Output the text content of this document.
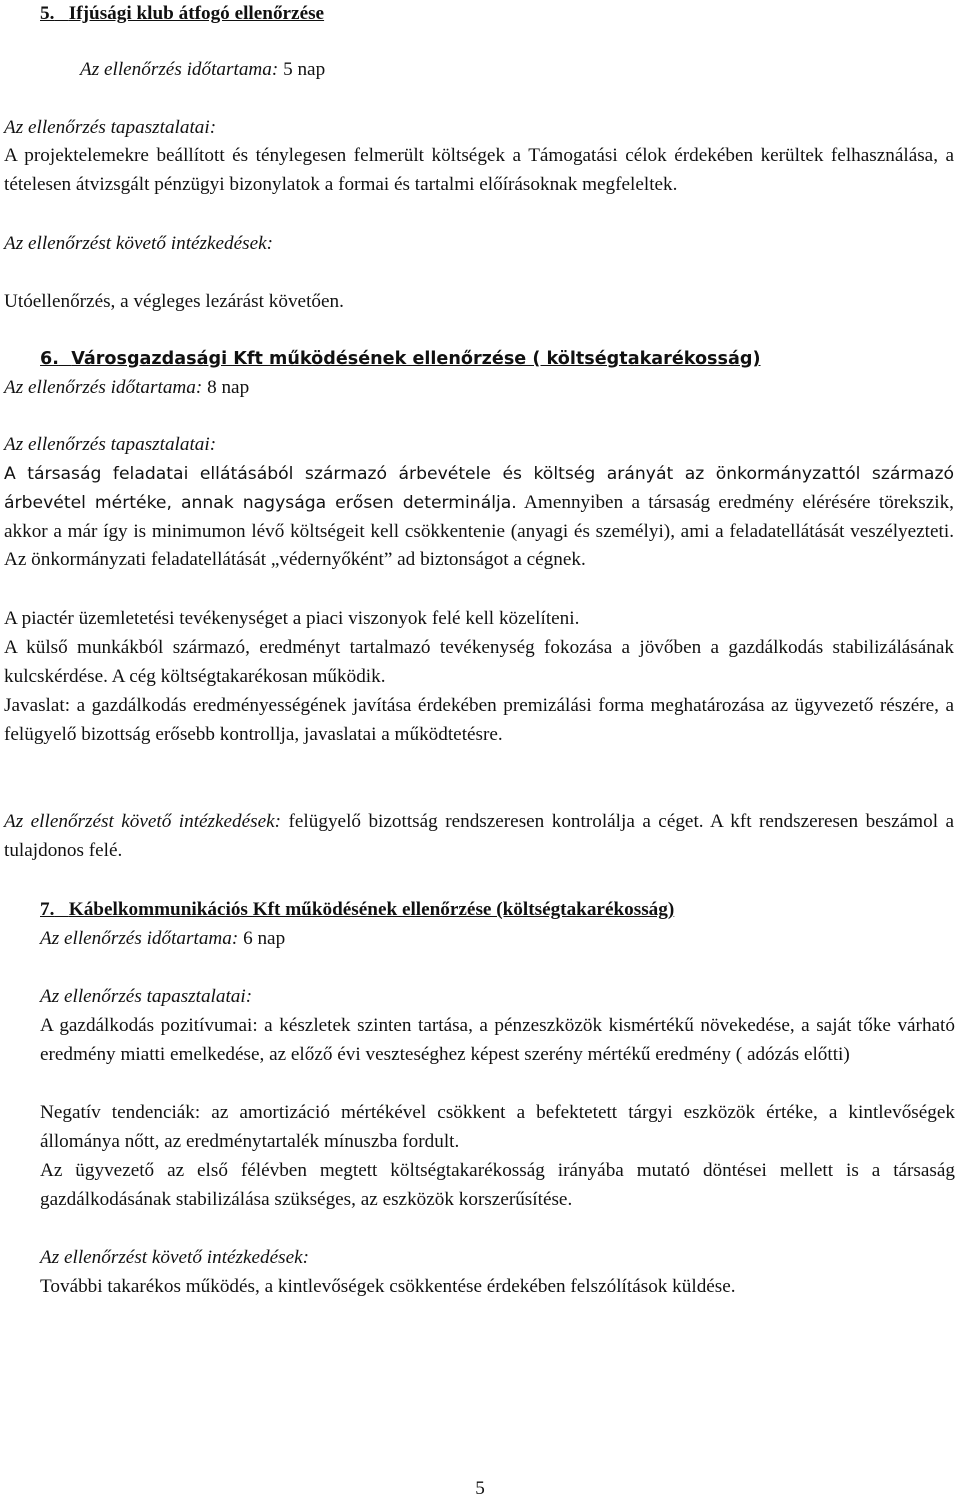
5. Ifjúsági klub átfogó ellenőrzése
Az ellenőrzés időtartama: 5 nap
Az ellenőrzés tapasztalatai:

A projektelemekre beállított és ténylegesen felmerült költségek a Támogatási célok érdekében kerültek felhasználása, a tételesen átvizsgált pénzügyi bizonylatok a formai és tartalmi előírásoknak megfeleltek.

Az ellenőrzést követő intézkedések:
Utóellenőrzés, a végleges lezárást követően.
6. Városgazdasági Kft működésének ellenőrzése ( költségtakarékosság)
Az ellenőrzés időtartama: 8 nap
Az ellenőrzés tapasztalatai:

A társaság feladatai ellátásából származó árbevétele és költség arányát az önkormányzattól származó árbevétel mértéke, annak nagysága erősen determinálja. Amennyiben a társaság eredmény elérésére törekszik, akkor a már így is minimumon lévő költségeit kell csökkentenie (anyagi és személyi), ami a feladatellátását veszélyezteti. Az önkormányzati feladatellátását „védernyőként” ad biztonságot a cégnek.

A piactér üzemletetési tevékenységet a piaci viszonyok felé kell közelíteni.

A külső munkákból származó, eredményt tartalmazó tevékenység fokozása a jövőben a gazdálkodás stabilizálásának kulcskérdése. A cég költségtakarékosan működik.

Javaslat: a gazdálkodás eredményességének javítása érdekében premizálási forma meghatározása az ügyvezető részére, a felügyelő bizottság erősebb kontrollja, javaslatai a működtetésre.

Az ellenőrzést követő intézkedések: felügyelő bizottság rendszeresen kontrolálja a céget. A kft rendszeresen beszámol a tulajdonos felé.

7. Kábelkommunikációs Kft működésének ellenőrzése (költségtakarékosság)
Az ellenőrzés időtartama: 6 nap
Az ellenőrzés tapasztalatai:

A gazdálkodás pozitívumai: a készletek szinten tartása, a pénzeszközök kismértékű növekedése, a saját tőke várható eredmény miatti emelkedése, az előző évi veszteséghez képest szerény mértékű eredmény ( adózás előtti)

Negatív tendenciák: az amortizáció mértékével csökkent a befektetett tárgyi eszközök értéke, a kintlevőségek állománya nőtt, az eredménytartalék mínuszba fordult.

Az ügyvezető az első félévben megtett költségtakarékosság irányába mutató döntései mellett is a társaság gazdálkodásának stabilizálása szükséges, az eszközök korszerűsítése.

Az ellenőrzést követő intézkedések:

További takarékos működés, a kintlevőségek csökkentése érdekében felszólítások küldése.

5
